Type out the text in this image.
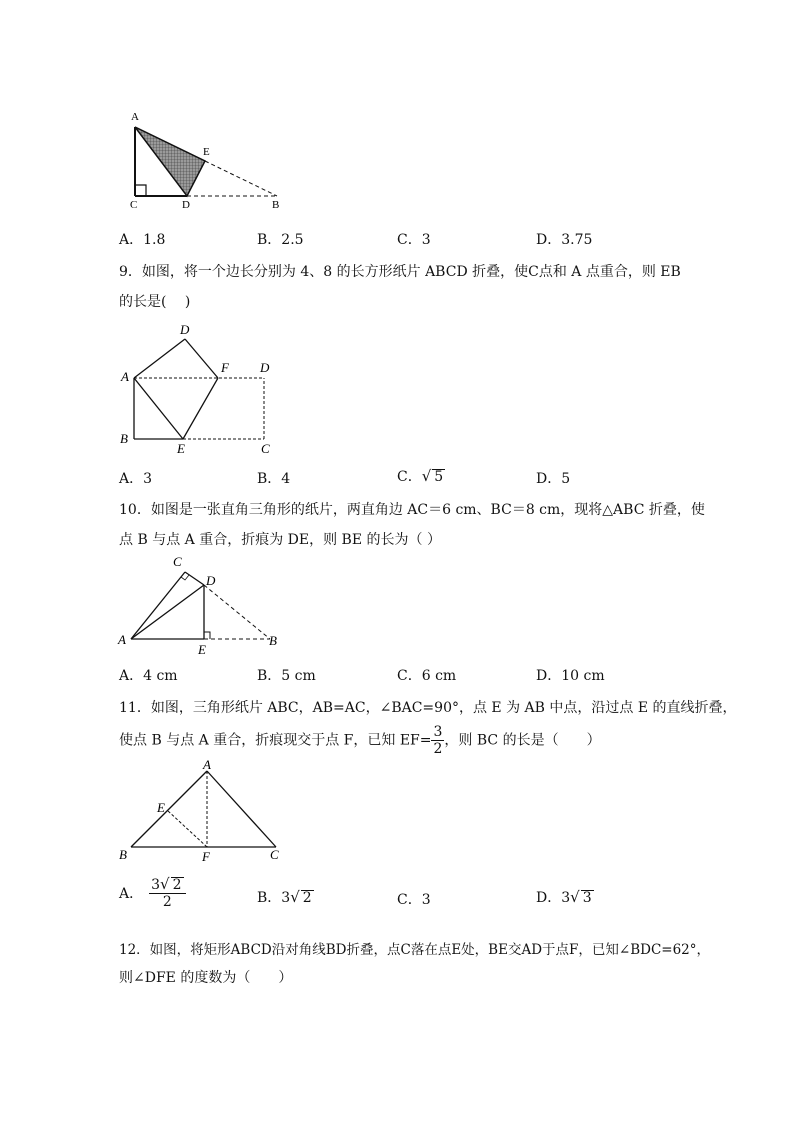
A
E
C	D	B
A．1.8	B．2.5	C．3	D．3.75
9．如图，将一个边长分别为 4、8 的长方形纸片 ABCD 折叠，使C点和 A 点重合，则 EB
的长是(　 )
D
A
F D
B
E	C
A．3	B．4	C．√ 5	D．5
10．如图是一张直角三角形的纸片，两直角边 AC＝6 cm、BC＝8 cm，现将△ABC 折叠，使
点 B 与点 A 重合，折痕为 DE，则 BE 的长为（ ）
C
D
A
E
B
A．4 cm	B．5 cm	C．6 cm	D．10 cm
11．如图，三角形纸片 ABC，AB=AC，∠BAC=90°，点 E 为 AB 中点，沿过点 E 的直线折叠，
使点 B 与点 A 重合，折痕现交于点 F，已知 $EF= \frac{3}{2}$ ，则 BC 的长是（　　）
A
E
B	F	C
A． $\frac{3√ 2}{2}$	B．3√ 2	C．3	D．3√ 3
12．如图，将矩形ABCD沿对角线BD折叠，点C落在点E处，BE交AD于点F，已知∠BDC=62°，
则∠DFE 的度数为（　　）
